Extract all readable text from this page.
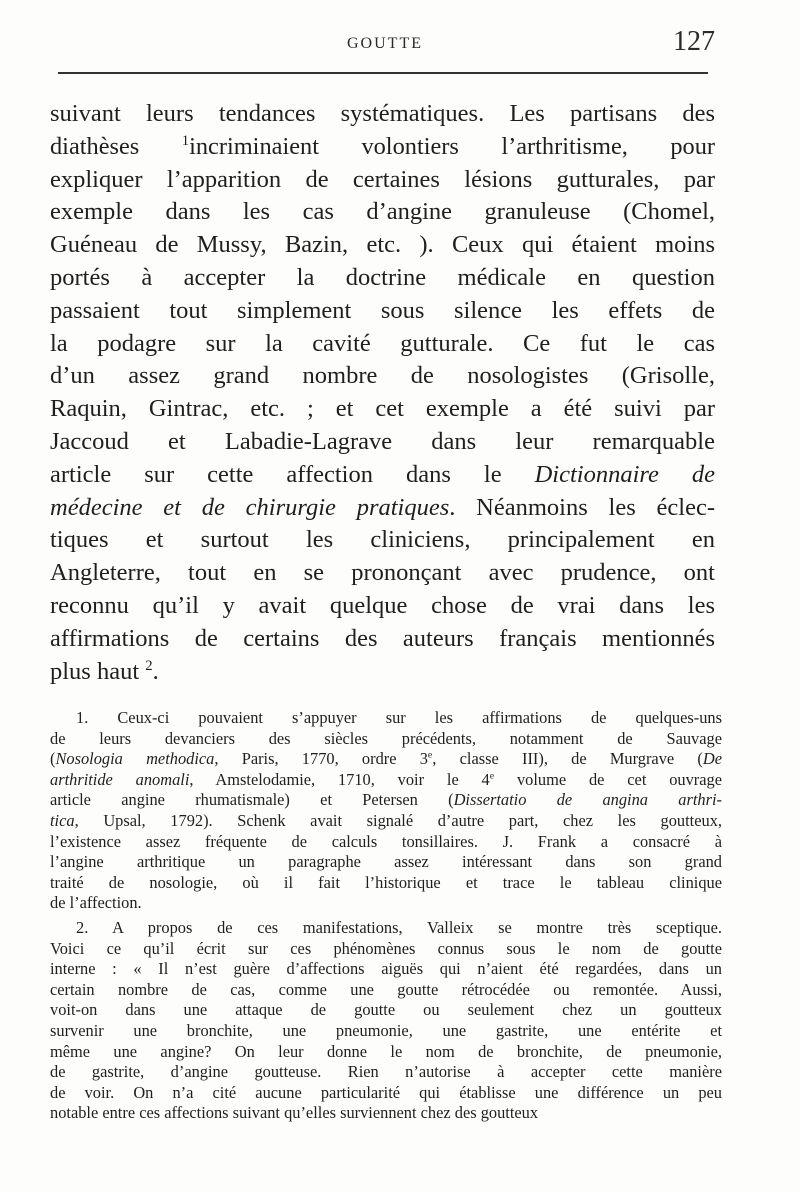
GOUTTE	127
suivant leurs tendances systématiques. Les partisans des
diathèses $^1$incriminaient volontiers l’arthritisme, pour
expliquer l’apparition de certaines lésions gutturales, par
exemple dans les cas d’angine granuleuse (Chomel,
Guéneau de Mussy, Bazin, etc. ). Ceux qui étaient moins
portés à accepter la doctrine médicale en question
passaient tout simplement sous silence les effets de
la podagre sur la cavité gutturale. Ce fut le cas
d’un assez grand nombre de nosologistes (Grisolle,
Raquin, Gintrac, etc. ; et cet exemple a été suivi par
Jaccoud et Labadie-Lagrave dans leur remarquable
article sur cette affection dans le Dictionnaire de
médecine et de chirurgie pratiques. Néanmoins les éclec-
tiques et surtout les cliniciens, principalement en
Angleterre, tout en se prononçant avec prudence, ont
reconnu qu’il y avait quelque chose de vrai dans les
affirmations de certains des auteurs français mentionnés
plus haut $^2$.
1. Ceux-ci pouvaient s’appuyer sur les affirmations de quelques-uns
de leurs devanciers des siècles précédents, notamment de Sauvage
(Nosologia methodica, Paris, 1770, ordre 3e, classe III), de Murgrave (De
arthritide anomali, Amstelodamie, 1710, voir le 4e volume de cet ouvrage
article angine rhumatismale) et Petersen (Dissertatio de angina arthri-
tica, Upsal, 1792). Schenk avait signalé d’autre part, chez les goutteux,
l’existence assez fréquente de calculs tonsillaires. J. Frank a consacré à
l’angine arthritique un paragraphe assez intéressant dans son grand
traité de nosologie, où il fait l’historique et trace le tableau clinique
de l’affection.
2. A propos de ces manifestations, Valleix se montre très sceptique.
Voici ce qu’il écrit sur ces phénomènes connus sous le nom de goutte
interne : « Il n’est guère d’affections aiguës qui n’aient été regardées, dans un
certain nombre de cas, comme une goutte rétrocédée ou remontée. Aussi,
voit-on dans une attaque de goutte ou seulement chez un goutteux
survenir une bronchite, une pneumonie, une gastrite, une entérite et
même une angine? On leur donne le nom de bronchite, de pneumonie,
de gastrite, d’angine goutteuse. Rien n’autorise à accepter cette manière
de voir. On n’a cité aucune particularité qui établisse une différence un peu
notable entre ces affections suivant qu’elles surviennent chez des goutteux
